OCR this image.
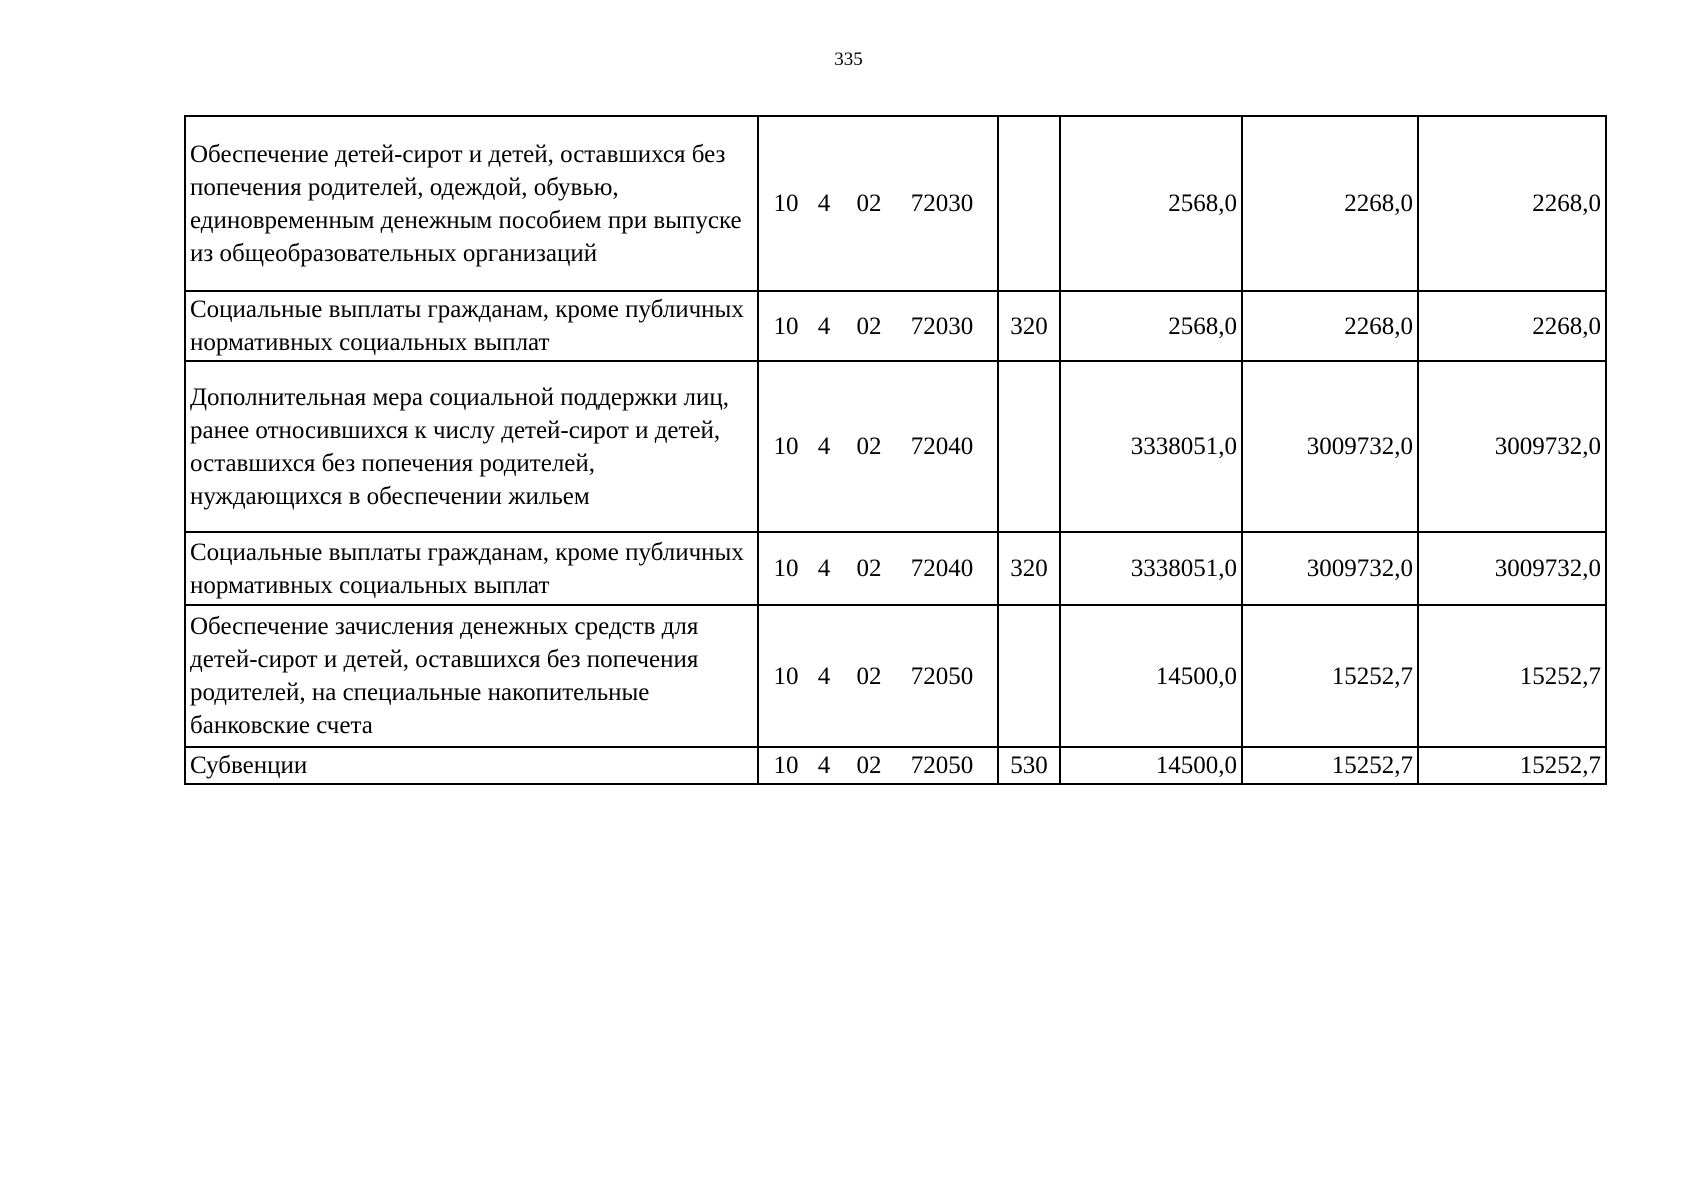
335
Обеспечение детей-сирот и детей, оставшихся без попечения родителей, одеждой, обувью, единовременным денежным пособием при выпуске из общеобразовательных организаций	10 4 02 72030		2568,0	2268,0	2268,0
Социальные выплаты гражданам, кроме публичных нормативных социальных выплат	10 4 02 72030	320	2568,0	2268,0	2268,0
Дополнительная мера социальной поддержки лиц, ранее относившихся к числу детей-сирот и детей, оставшихся без попечения родителей, нуждающихся в обеспечении жильем	10 4 02 72040		3338051,0	3009732,0	3009732,0
Социальные выплаты гражданам, кроме публичных нормативных социальных выплат	10 4 02 72040	320	3338051,0	3009732,0	3009732,0
Обеспечение зачисления денежных средств для детей-сирот и детей, оставшихся без попечения родителей, на специальные накопительные банковские счета	10 4 02 72050		14500,0	15252,7	15252,7
Субвенции	10 4 02 72050	530	14500,0	15252,7	15252,7
